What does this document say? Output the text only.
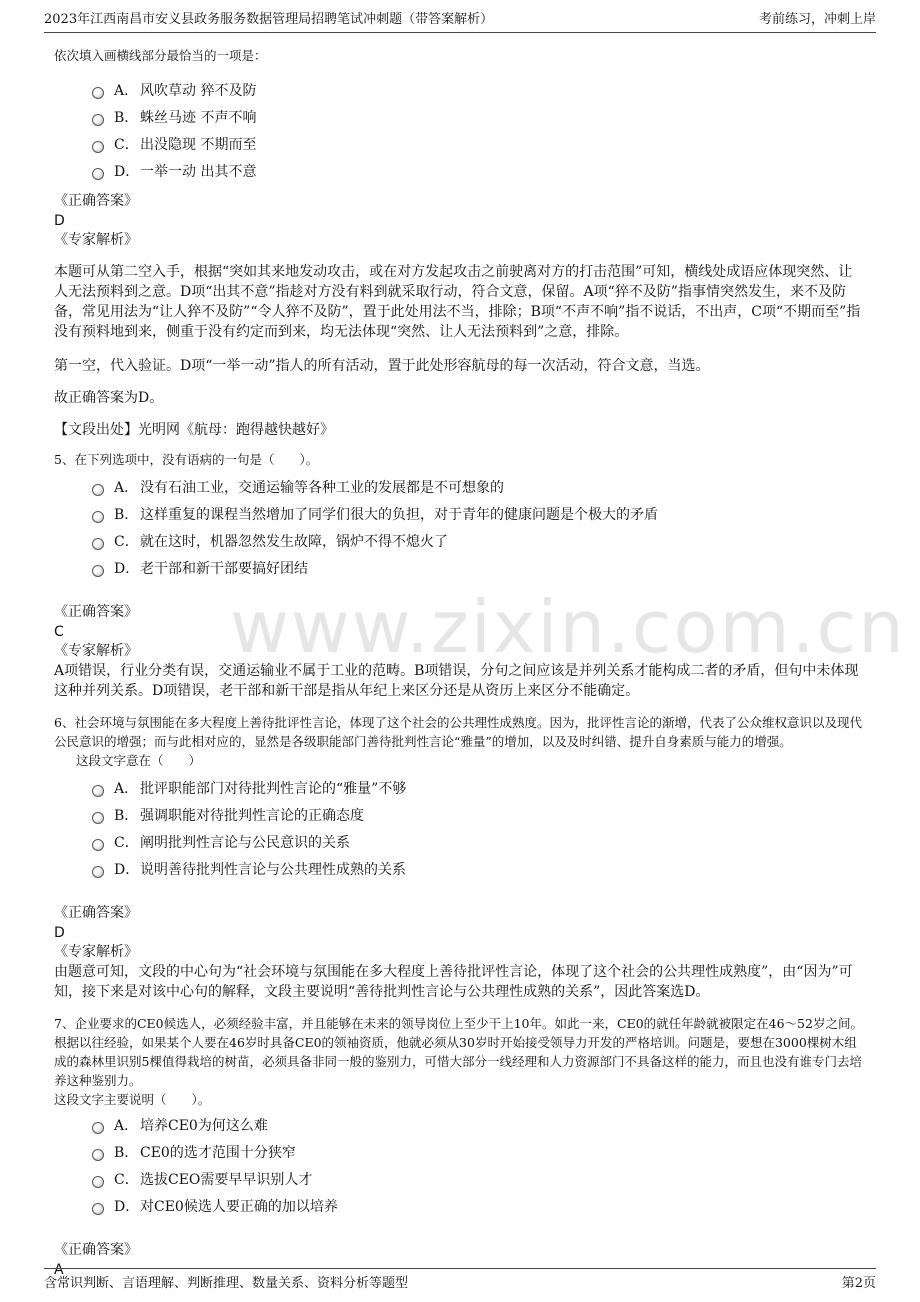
2023年江西南昌市安义县政务服务数据管理局招聘笔试冲刺题（带答案解析）	考前练习，冲刺上岸
www.zixin.com.cn

依次填入画横线部分最恰当的一项是：

A． 风吹草动 猝不及防
B． 蛛丝马迹 不声不响
C． 出没隐现 不期而至
D． 一举一动 出其不意
《正确答案》
D
《专家解析》

本题可从第二空入手，根据“突如其来地发动攻击，或在对方发起攻击之前驶离对方的打击范围”可知，横线处成语应体现突然、让人无法预料到之意。D项“出其不意”指趁对方没有料到就采取行动，符合文意，保留。A项“猝不及防”指事情突然发生，来不及防备，常见用法为“让人猝不及防”“令人猝不及防”，置于此处用法不当，排除；B项“不声不响”指不说话，不出声，C项“不期而至”指没有预料地到来，侧重于没有约定而到来，均无法体现“突然、让人无法预料到”之意，排除。

第一空，代入验证。D项“一举一动”指人的所有活动，置于此处形容航母的每一次活动，符合文意，当选。

故正确答案为D。

【文段出处】光明网《航母：跑得越快越好》

5、在下列选项中，没有语病的一句是（　　）。

A． 没有石油工业，交通运输等各种工业的发展都是不可想象的
B． 这样重复的课程当然增加了同学们很大的负担，对于青年的健康问题是个极大的矛盾
C． 就在这时，机器忽然发生故障，锅炉不得不熄火了
D． 老干部和新干部要搞好团结
《正确答案》
C
《专家解析》

A项错误，行业分类有误，交通运输业不属于工业的范畴。B项错误，分句之间应该是并列关系才能构成二者的矛盾，但句中未体现这种并列关系。D项错误，老干部和新干部是指从年纪上来区分还是从资历上来区分不能确定。

6、社会环境与氛围能在多大程度上善待批评性言论，体现了这个社会的公共理性成熟度。因为，批评性言论的渐增，代表了公众维权意识以及现代公民意识的增强；而与此相对应的，显然是各级职能部门善待批判性言论“雅量”的增加，以及及时纠错、提升自身素质与能力的增强。

这段文字意在（　　）

A． 批评职能部门对待批判性言论的“雅量”不够
B． 强调职能对待批判性言论的正确态度
C． 阐明批判性言论与公民意识的关系
D． 说明善待批判性言论与公共理性成熟的关系
《正确答案》
D
《专家解析》

由题意可知，文段的中心句为“社会环境与氛围能在多大程度上善待批评性言论，体现了这个社会的公共理性成熟度”，由“因为”可知，接下来是对该中心句的解释，文段主要说明“善待批判性言论与公共理性成熟的关系”，因此答案选D。

7、企业要求的CE0候选人，必须经验丰富，并且能够在未来的领导岗位上至少干上10年。如此一来，CE0的就任年龄就被限定在46～52岁之间。根据以往经验，如果某个人要在46岁时具备CE0的领袖资质，他就必须从30岁时开始接受领导力开发的严格培训。问题是，要想在3000棵树木组成的森林里识别5棵值得栽培的树苗，必须具备非同一般的鉴别力，可惜大部分一线经理和人力资源部门不具备这样的能力，而且也没有谁专门去培养这种鉴别力。

这段文字主要说明（　　）。

A． 培养CE0为何这么难
B． CE0的选才范围十分狭窄
C． 选拔CEO需要早早识别人才
D． 对CE0候选人要正确的加以培养
《正确答案》
A
含常识判断、言语理解、判断推理、数量关系、资料分析等题型	第2页
